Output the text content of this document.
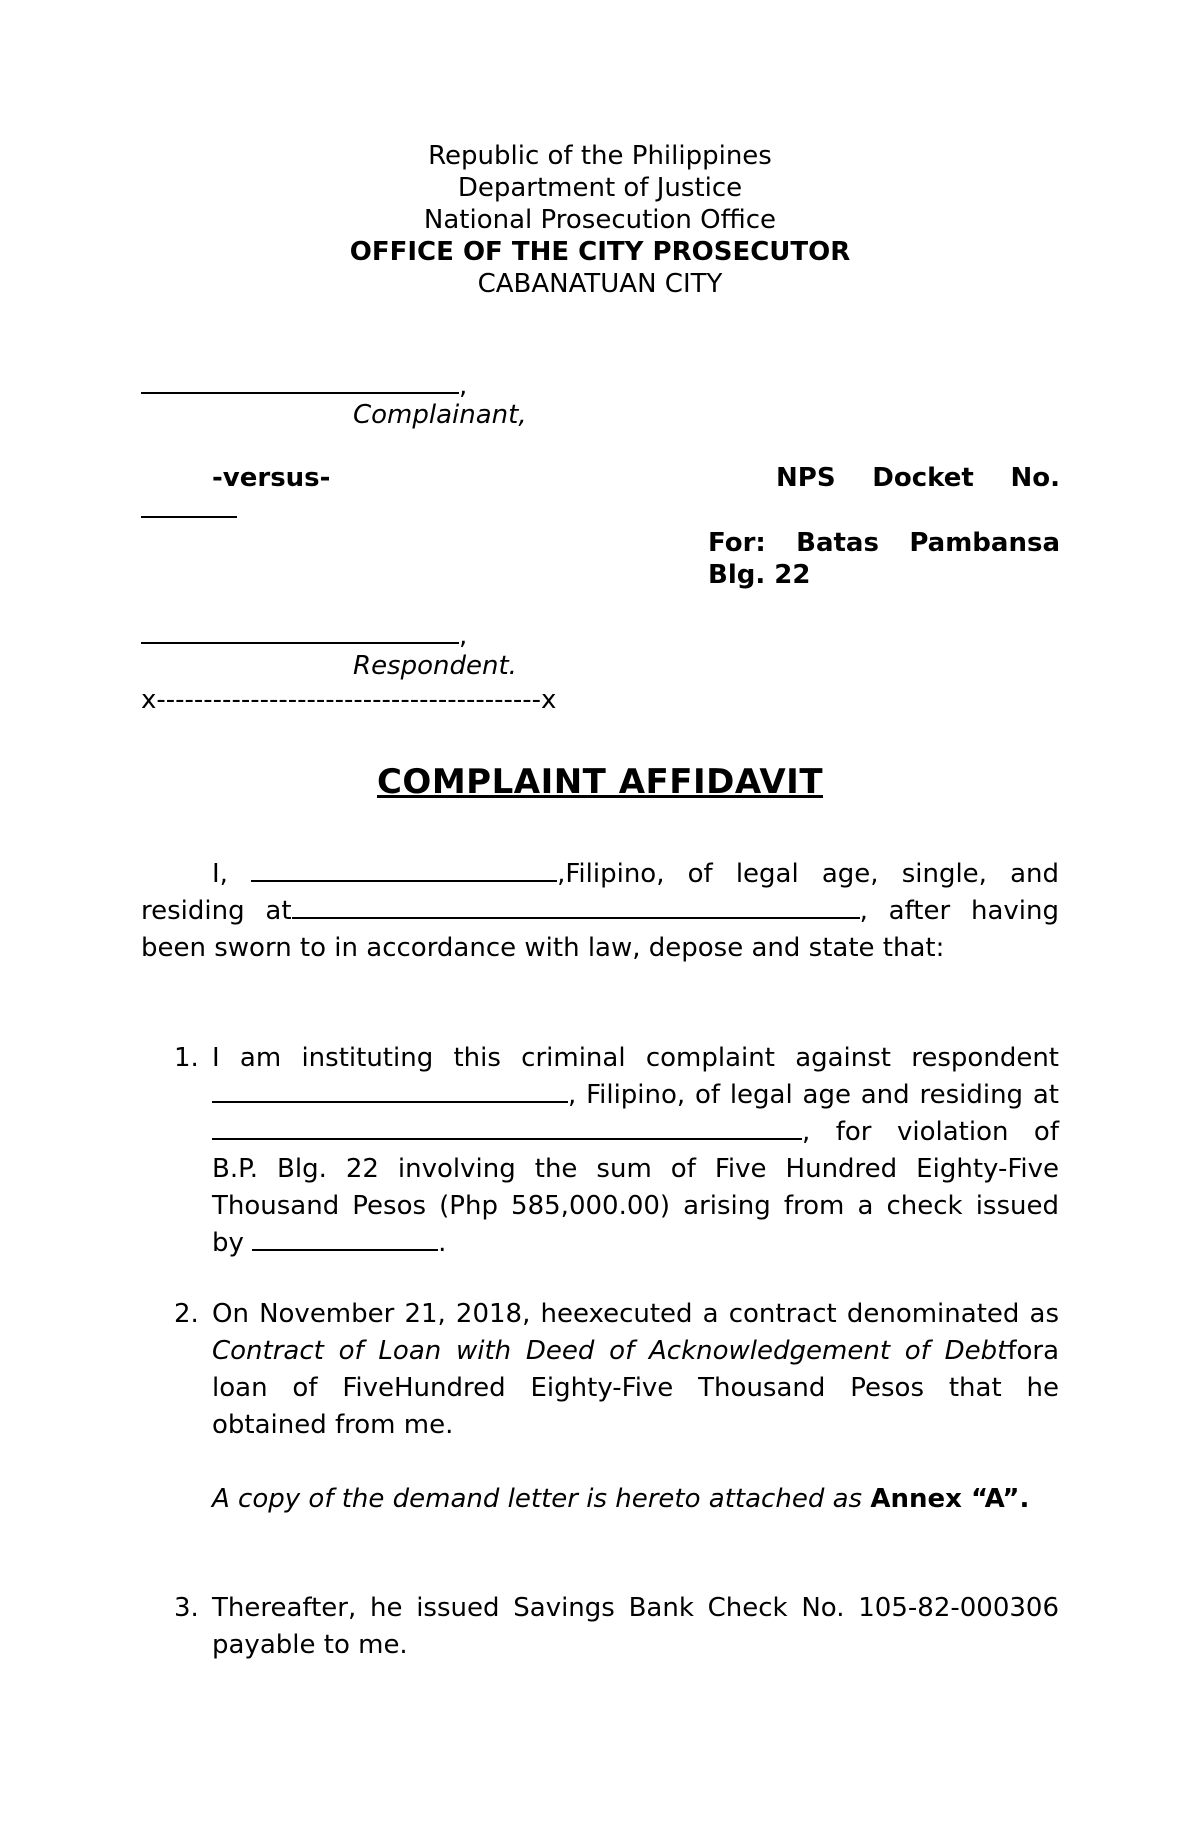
Republic of the Philippines
Department of Justice
National Prosecution Office
OFFICE OF THE CITY PROSECUTOR
CABANATUAN CITY
,
Complainant,
-versus-	NPS Docket No.
For: Batas Pambansa Blg. 22
,
Respondent.
x-----------------------------------------x
COMPLAINT AFFIDAVIT
I,	,Filipino, of legal age, single, and residing at	, after having been sworn to in accordance with law, depose and state that:
1. I am instituting this criminal complaint against respondent, Filipino, of legal age and residing at, for violation of B.P. Blg. 22 involving the sum of Five Hundred Eighty-Five Thousand Pesos (Php 585,000.00) arising from a check issued by	.
2. On November 21, 2018, heexecuted a contract denominated as Contract of Loan with Deed of Acknowledgement of Debtfora loan of FiveHundred Eighty-Five Thousand Pesos that he obtained from me.
A copy of the demand letter is hereto attached as Annex “A”.
3. Thereafter, he issued Savings Bank Check No. 105-82-000306 payable to me.
